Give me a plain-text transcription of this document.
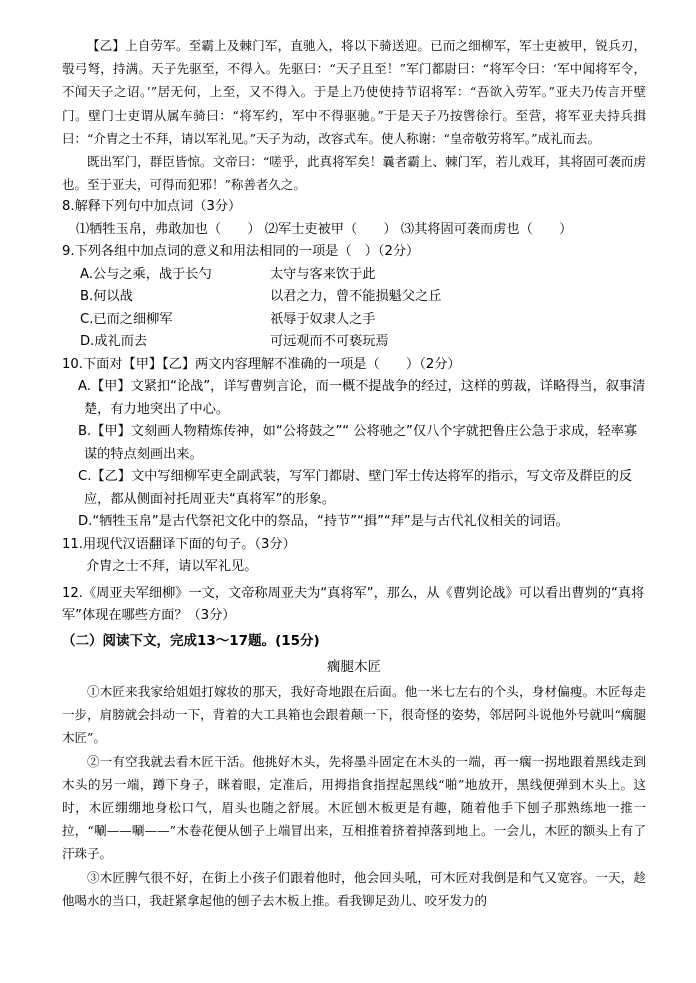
【乙】上自劳军。至霸上及棘门军，直驰入，将以下骑送迎。已而之细柳军，军士吏被甲，锐兵刃，彀弓弩，持满。天子先驱至，不得入。先驱曰：“天子且至！”军门都尉曰：“将军令曰：‘军中闻将军令，不闻天子之诏。’”居无何，上至，又不得入。于是上乃使使持节诏将军：“吾欲入劳军。”亚夫乃传言开壁门。壁门士吏谓从属车骑曰：“将军约，军中不得驱驰。”于是天子乃按辔徐行。至营，将军亚夫持兵揖曰：“介胄之士不拜，请以军礼见。”天子为动，改容式车。使人称谢：“皇帝敬劳将军。”成礼而去。

既出军门，群臣皆惊。文帝曰：“嗟乎，此真将军矣！曩者霸上、棘门军，若儿戏耳，其将固可袭而虏也。至于亚夫，可得而犯邪！”称善者久之。

8.解释下列句中加点词（3分）

⑴牺牲玉帛，弗敢加也（　　） ⑵军士吏被甲（　　） ⑶其将固可袭而虏也（　　）

9.下列各组中加点词的意义和用法相同的一项是（　）（2分）

A.公与之乘，战于长勺	太守与客来饮于此
B.何以战	以君之力，曾不能损魁父之丘
C.已而之细柳军	祇辱于奴隶人之手
D.成礼而去	可远观而不可亵玩焉

10.下面对【甲】【乙】两文内容理解不准确的一项是（　　）（2分）

A.【甲】文紧扣“论战”，详写曹刿言论，而一概不提战争的经过，这样的剪裁，详略得当，叙事清楚，有力地突出了中心。

B.【甲】文刻画人物精炼传神，如“公将鼓之”“ 公将驰之”仅八个字就把鲁庄公急于求成，轻率寡谋的特点刻画出来。

C.【乙】文中写细柳军吏全副武装，写军门都尉、壁门军士传达将军的指示，写文帝及群臣的反应，都从侧面衬托周亚夫“真将军”的形象。

D.“牺牲玉帛”是古代祭祀文化中的祭品，“持节”“揖”“拜”是与古代礼仪相关的词语。

11.用现代汉语翻译下面的句子。（3分）

介胄之士不拜，请以军礼见。

12.《周亚夫军细柳》一文，文帝称周亚夫为“真将军”，那么，从《曹刿论战》可以看出曹刿的“真将军”体现在哪些方面？（3分）

（二）阅读下文，完成13～17题。(15分)

瘸腿木匠

①木匠来我家给姐姐打嫁妆的那天，我好奇地跟在后面。他一米七左右的个头，身材偏瘦。木匠每走一步，肩膀就会抖动一下，背着的大工具箱也会跟着颠一下，很奇怪的姿势，邻居阿斗说他外号就叫“瘸腿木匠”。

②一有空我就去看木匠干活。他挑好木头，先将墨斗固定在木头的一端，再一瘸一拐地跟着黑线走到木头的另一端，蹲下身子，眯着眼，定准后，用拇指食指捏起黑线“啪”地放开，黑线便弹到木头上。这时，木匠绷绷地身松口气，眉头也随之舒展。木匠刨木板更是有趣，随着他手下刨子那熟练地一推一拉，“唰——唰——”木卷花便从刨子上端冒出来，互相推着挤着掉落到地上。一会儿，木匠的额头上有了汗珠子。

③木匠脾气很不好，在街上小孩子们跟着他时，他会回头吼，可木匠对我倒是和气又宽容。一天，趁他喝水的当口，我赶紧拿起他的刨子去木板上推。看我铆足劲儿、咬牙发力的
